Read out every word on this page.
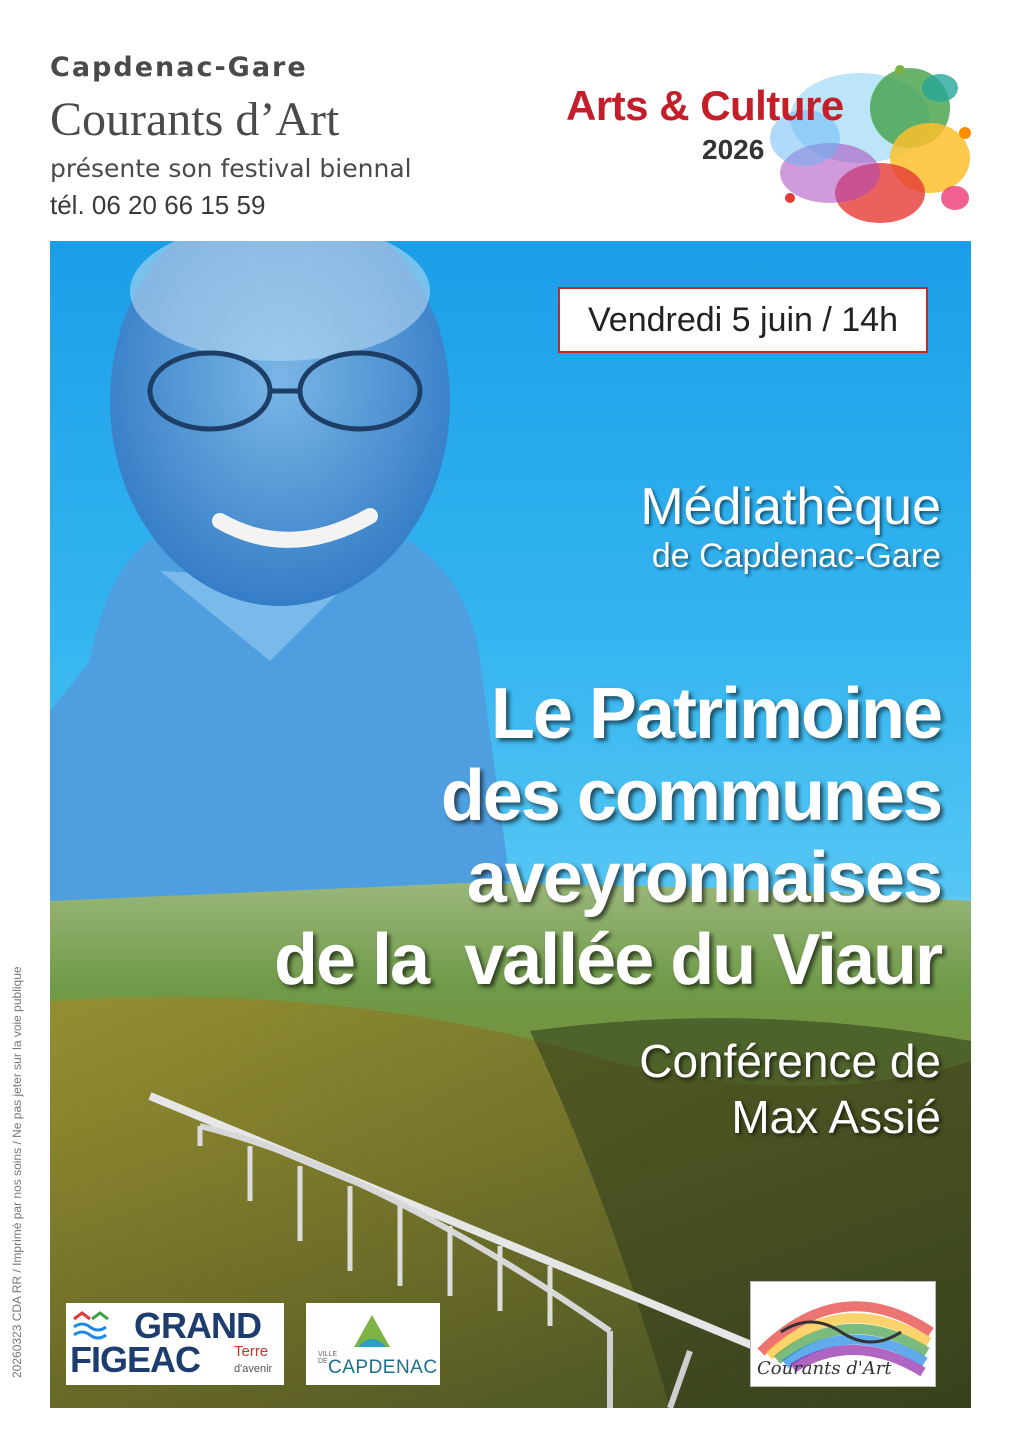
Capdenac-Gare
Courants d’Art
présente son festival biennal
tél. 06 20 66 15 59
Arts & Culture
2026
Vendredi 5 juin / 14h
Médiathèque
de Capdenac-Gare
Le Patrimoine
des communes
aveyronnaises
de la  vallée du Viaur
Conférence de
Max Assié
GRAND
FIGEAC Terre
d'avenir
VILLE DE CAPDENAC	Courants d'Art
20260323 CDA RR / Imprimé par nos soins / Ne pas jeter sur la voie publique
